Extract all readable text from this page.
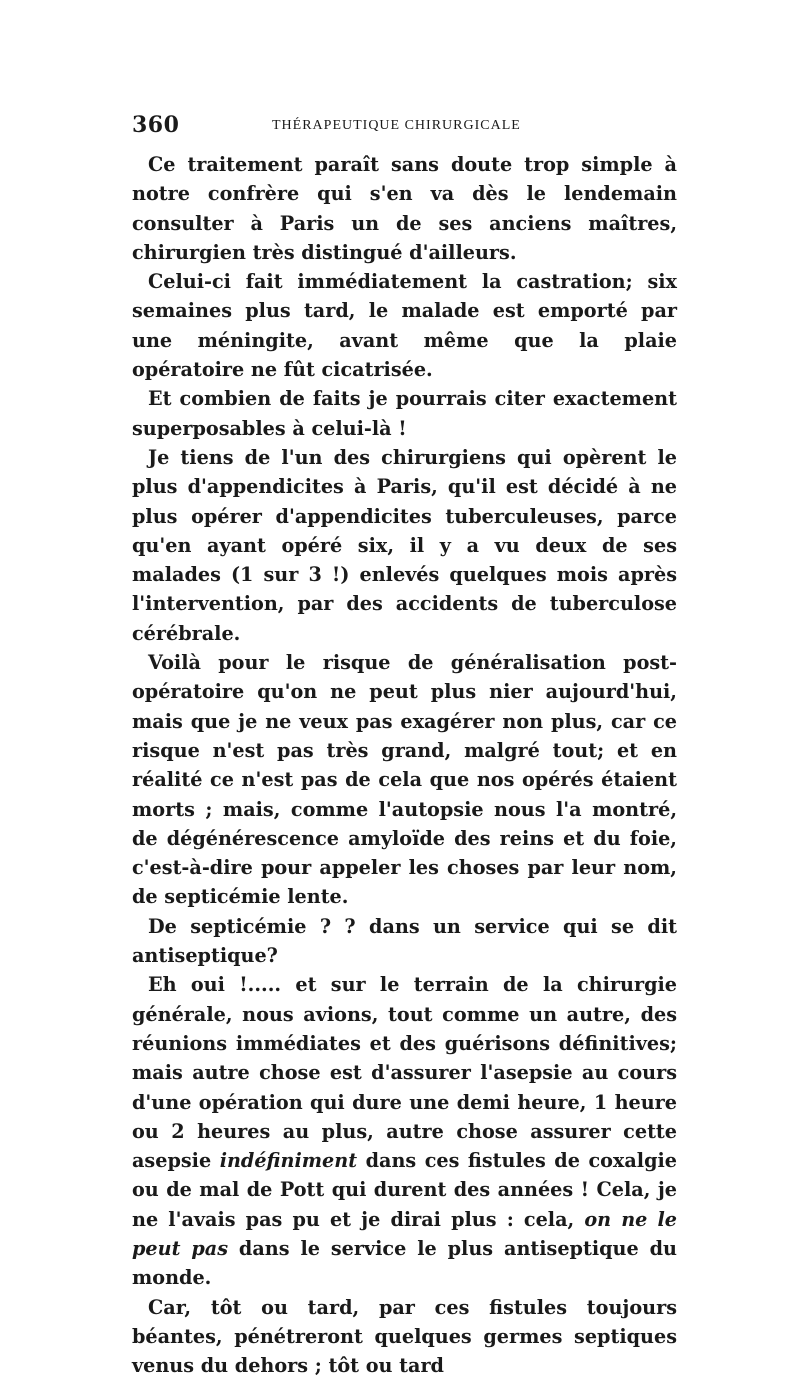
360	THÉRAPEUTIQUE CHIRURGICALE

Ce traitement paraît sans doute trop simple à notre confrère qui s'en va dès le lendemain consulter à Paris un de ses anciens maîtres, chirurgien très distingué d'ailleurs.

Celui-ci fait immédiatement la castration; six semaines plus tard, le malade est emporté par une méningite, avant même que la plaie opératoire ne fût cicatrisée.

Et combien de faits je pourrais citer exactement superposables à celui-là !

Je tiens de l'un des chirurgiens qui opèrent le plus d'appendicites à Paris, qu'il est décidé à ne plus opérer d'appendicites tuberculeuses, parce qu'en ayant opéré six, il y a vu deux de ses malades (1 sur 3 !) enlevés quelques mois après l'intervention, par des accidents de tuberculose cérébrale.

Voilà pour le risque de généralisation post-opératoire qu'on ne peut plus nier aujourd'hui, mais que je ne veux pas exagérer non plus, car ce risque n'est pas très grand, malgré tout; et en réalité ce n'est pas de cela que nos opérés étaient morts ; mais, comme l'autopsie nous l'a montré, de dégénérescence amyloïde des reins et du foie, c'est-à-dire pour appeler les choses par leur nom, de septicémie lente.

De septicémie ? ? dans un service qui se dit antiseptique?

Eh oui !..... et sur le terrain de la chirurgie générale, nous avions, tout comme un autre, des réunions immédiates et des guérisons définitives; mais autre chose est d'assurer l'asepsie au cours d'une opération qui dure une demi heure, 1 heure ou 2 heures au plus, autre chose assurer cette asepsie indéfiniment dans ces fistules de coxalgie ou de mal de Pott qui durent des années ! Cela, je ne l'avais pas pu et je dirai plus : cela, on ne le peut pas dans le service le plus antiseptique du monde.

Car, tôt ou tard, par ces fistules toujours béantes, pénétreront quelques germes septiques venus du dehors ; tôt ou tard
